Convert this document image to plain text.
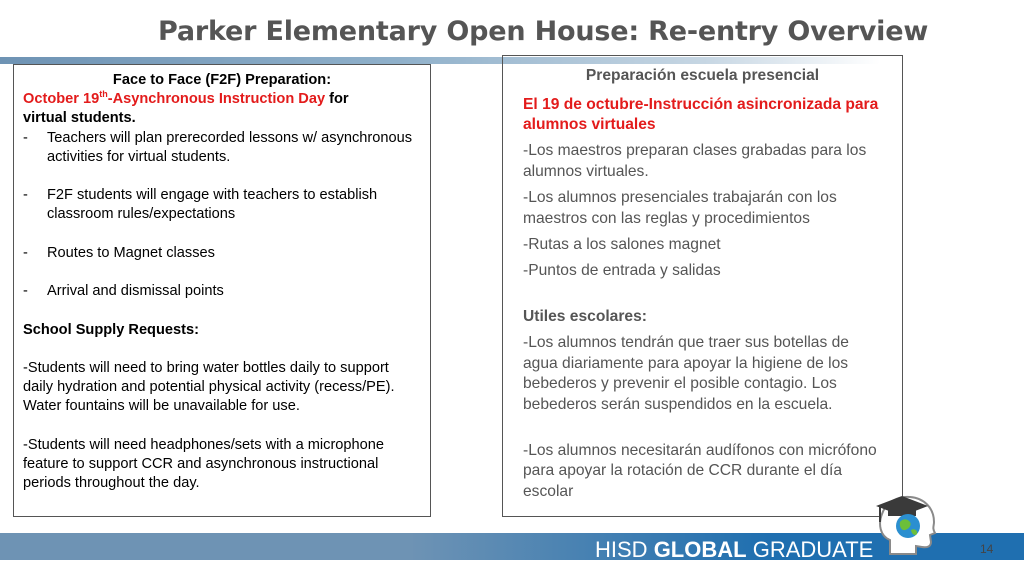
Parker Elementary Open House: Re-entry Overview
Face to Face (F2F) Preparation:
October 19th-Asynchronous Instruction Day for
virtual students.
-	Teachers will plan prerecorded lessons w/ asynchronous activities for virtual students.
-	F2F students will engage with teachers to establish classroom rules/expectations
-	Routes to Magnet classes
-	Arrival and dismissal points
School Supply Requests:
-Students will need to bring water bottles daily to support daily hydration and potential physical activity (recess/PE). Water fountains will be unavailable for use.
-Students will need headphones/sets with a microphone feature to support CCR and asynchronous instructional periods throughout the day.
Preparación escuela presencial

El 19 de octubre-Instrucción asincronizada para alumnos virtuales

-Los maestros preparan clases grabadas para los alumnos virtuales.

-Los alumnos presenciales trabajarán con los maestros con las reglas y procedimientos

-Rutas a los salones magnet

-Puntos de entrada y salidas

Utiles escolares:

-Los alumnos tendrán que traer sus botellas de agua diariamente para apoyar la higiene de los bebederos y prevenir el posible contagio. Los bebederos serán suspendidos en la escuela.

-Los alumnos necesitarán audífonos con micrófono para apoyar la rotación de CCR durante el día escolar

HISD GLOBAL GRADUATE	14
